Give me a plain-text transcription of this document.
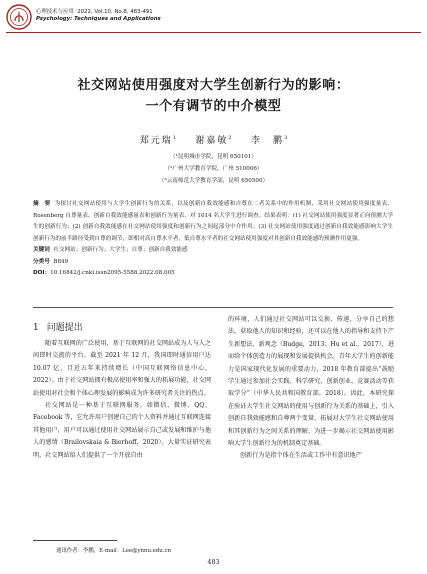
心理技术与应用 2022, Vol.10, No.8, 483-491
Psychology: Techniques and Applications
社交网站使用强度对大学生创新行为的影响：
一个有调节的中介模型
郑元瑞$^1$ 谢嘉敏$^2$ 李　鹏$^3$
（¹昆明城市学院，昆明 650101）
（²广州大学教育学院，广州 510006）
（³云南师范大学教育学部，昆明 650500）
摘　要 为探讨社交网站使用与大学生创新行为的关系，以及创新自我效能感和自尊在二者关系中的作用机制，采用社交网站使用强度量表、Rosenberg 自尊量表、创新自我效能感量表和创新行为量表，对 1014 名大学生进行调查。结果表明：(1) 社交网站使用强度显著正向预测大学生的创新行为；(2) 创新自我效能感在社交网站使用强度和创新行为之间起部分中介作用；(3) 社交网站使用强度通过创新自我效能感影响大学生创新行为的前半路径受到自尊的调节，即相对高自尊水平者，低自尊水平者的社交网站使用强度对其创新自我效能感的预测作用更强。
关键词 社交网站；创新行为；大学生；自尊；创新自我效能感
分类号 B849
DOI：10.16842/j.cnki.issn2095-5588.2022.08.005
1 问题提出

随着互联网的广泛使用，基于互联网的社交网站成为人与人之间即时交流的平台。截至 2021 年 12 月，我国即时通信用户达 10.07 亿，且近五年来持续增长（中国互联网络信息中心，2022）。由于社交网站拥有极高使用率和强大的拓展功能，社交网站使用对社会和个体心理发展的影响成为许多研究者关注的热点。

社交网站是一种基于互联网服务，如微信、微博、QQ、Facebook 等，它允许用户创建自己的个人资料并通过互联网连接其他用户，用户可以通过使用社交网站展示自己或发展和维护与他人的感情（Brailovskaia & Bierhoff，2020）。大量实证研究表明，社交网站给人们提供了一个开放自由

的环境，人们通过社交网站可以交换、传递、分享自己的想法，获取他人的知识和经验，还可以在他人的指导和支持下产生新想法、新观念（Budge，2013；Hu et al.，2017），进而给个体创造力的展现和发展提供机会。青年大学生的创新能力是国家现代化发展的重要动力，2018 年教育部提出“鼓励学生通过参加社会实践、科学研究、创新创业、竞赛活动等获取学分”（中华人民共和国教育部，2018）。因此，本研究探在验证大学生社交网站的使用与创新行为关系的基础上，引入创新自我效能感和自尊两个变量，拓展对大学生社交网站使用和其创新行为之间关系的理解，为进一步揭示社交网站使用影响大学生创新行为的机制奠定基础。

创新行为是指个体在生活或工作中有意识地产

通讯作者：李鹏，E-mail：Lee@ynnu.edu.cn
483
